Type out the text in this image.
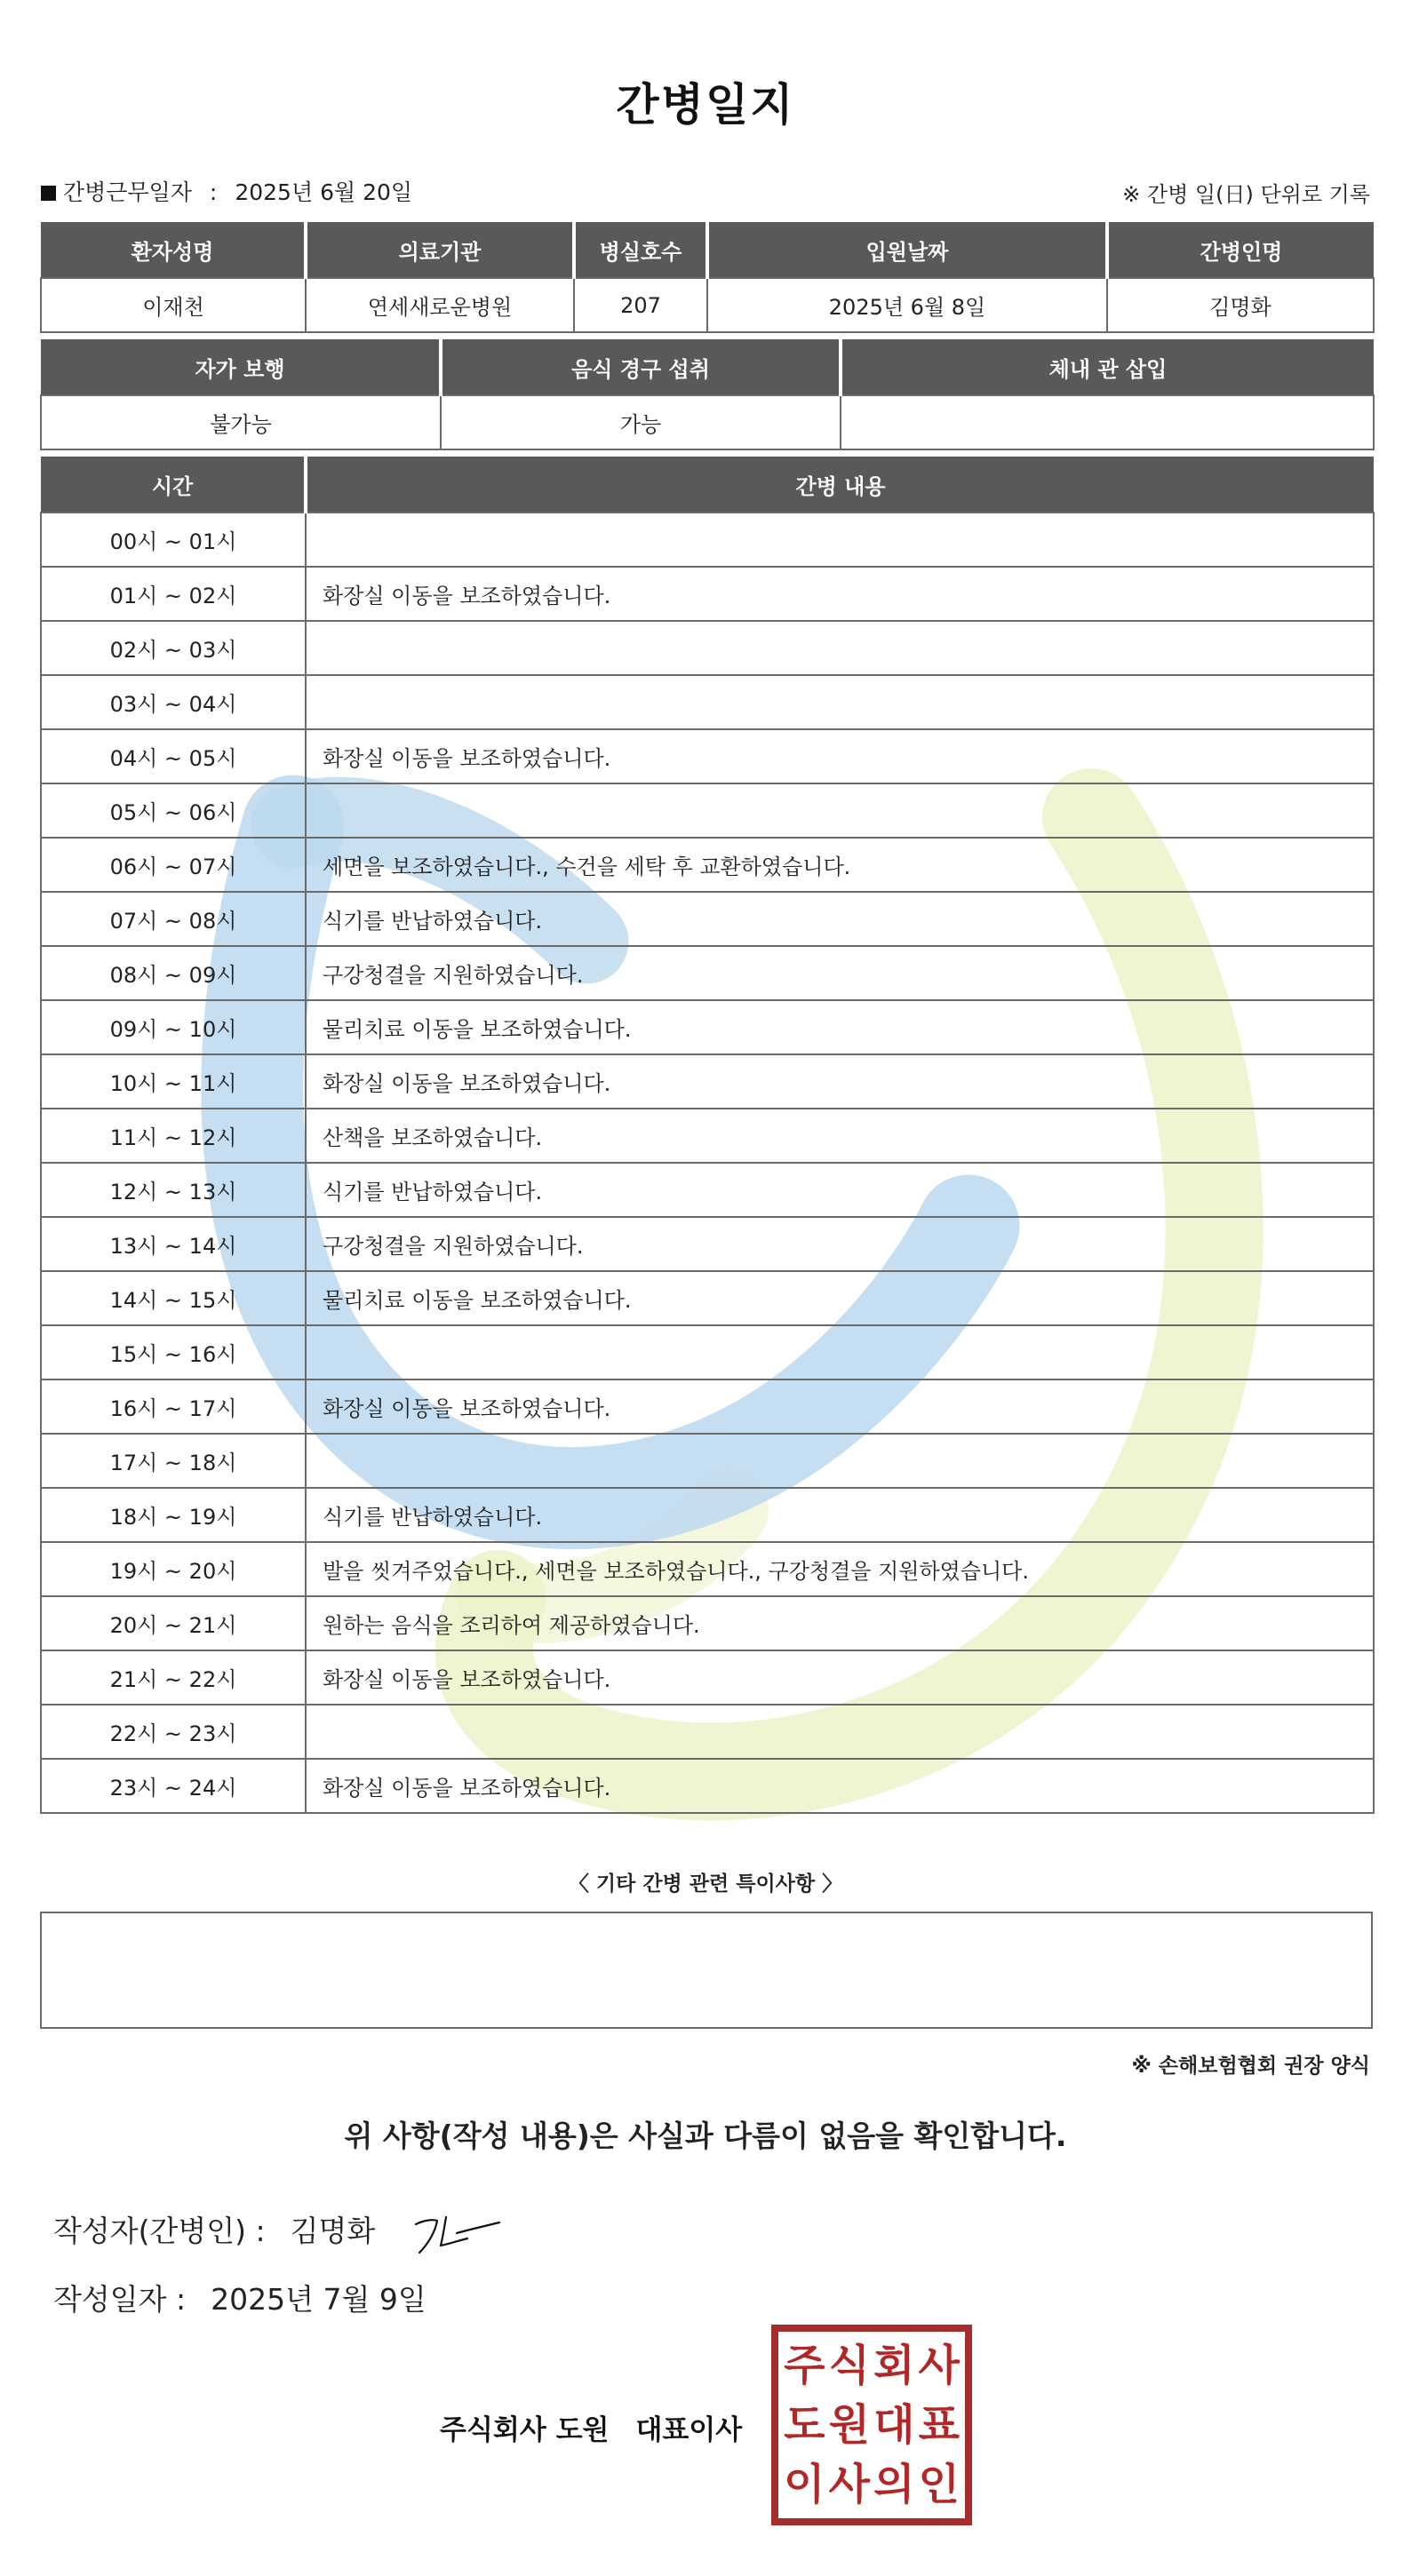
간병일지
간병근무일자 : 2025년 6월 20일	※ 간병 일(日) 단위로 기록
환자성명	의료기관	병실호수	입원날짜	간병인명
이재천	연세새로운병원	207	2025년 6월 8일	김명화
자가 보행	음식 경구 섭취	체내 관 삽입
불가능	가능	
시간	간병 내용
00시 ~ 01시	
01시 ~ 02시	화장실 이동을 보조하였습니다.
02시 ~ 03시	
03시 ~ 04시	
04시 ~ 05시	화장실 이동을 보조하였습니다.
05시 ~ 06시	
06시 ~ 07시	세면을 보조하였습니다., 수건을 세탁 후 교환하였습니다.
07시 ~ 08시	식기를 반납하였습니다.
08시 ~ 09시	구강청결을 지원하였습니다.
09시 ~ 10시	물리치료 이동을 보조하였습니다.
10시 ~ 11시	화장실 이동을 보조하였습니다.
11시 ~ 12시	산책을 보조하였습니다.
12시 ~ 13시	식기를 반납하였습니다.
13시 ~ 14시	구강청결을 지원하였습니다.
14시 ~ 15시	물리치료 이동을 보조하였습니다.
15시 ~ 16시	
16시 ~ 17시	화장실 이동을 보조하였습니다.
17시 ~ 18시	
18시 ~ 19시	식기를 반납하였습니다.
19시 ~ 20시	발을 씻겨주었습니다., 세면을 보조하였습니다., 구강청결을 지원하였습니다.
20시 ~ 21시	원하는 음식을 조리하여 제공하였습니다.
21시 ~ 22시	화장실 이동을 보조하였습니다.
22시 ~ 23시	
23시 ~ 24시	화장실 이동을 보조하였습니다.
〈 기타 간병 관련 특이사항 〉
※ 손해보험협회 권장 양식
위 사항(작성 내용)은 사실과 다름이 없음을 확인합니다.
작성자(간병인) : 김명화
작성일자 : 2025년 7월 9일
주식회사 도원 대표이사
주 식 회 사
도 원 대 표
이 사 의 인
